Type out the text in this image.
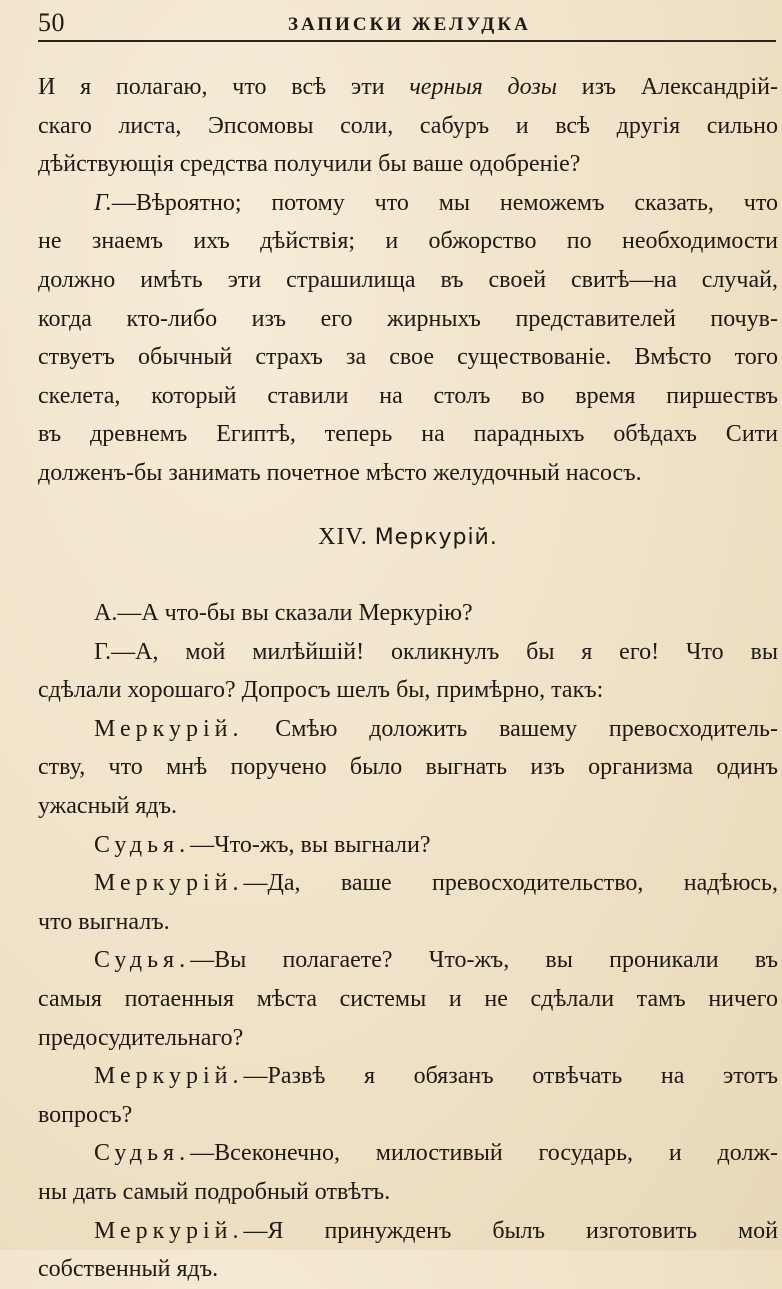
50	ЗАПИСКИ ЖЕЛУДКА
И я полагаю, что всѣ эти черныя дозы изъ Александрій-
скаго листа, Эпсомовы соли, сабуръ и всѣ другія сильно
дѣйствующія средства получили бы ваше одобреніе?
Г.—Вѣроятно; потому что мы неможемъ сказать, что
не знаемъ ихъ дѣйствія; и обжорство по необходимости
должно имѣть эти страшилища въ своей свитѣ—на случай,
когда кто-либо изъ его жирныхъ представителей почув-
ствуетъ обычный страхъ за свое существованіе. Вмѣсто того
скелета, который ставили на столъ во время пиршествъ
въ древнемъ Египтѣ, теперь на парадныхъ обѣдахъ Сити
долженъ-бы занимать почетное мѣсто желудочный насосъ.
XIV. Меркурій.
А.—А что-бы вы сказали Меркурію?
Г.—А, мой милѣйшій! окликнулъ бы я его! Что вы
сдѣлали хорошаго? Допросъ шелъ бы, примѣрно, такъ:
Меркурій. Смѣю доложить вашему превосходитель-
ству, что мнѣ поручено было выгнать изъ организма одинъ
ужасный ядъ.
Судья.—Что-жъ, вы выгнали?
Меркурій.—Да, ваше превосходительство, надѣюсь,
что выгналъ.
Судья.—Вы полагаете? Что-жъ, вы проникали въ
самыя потаенныя мѣста системы и не сдѣлали тамъ ничего
предосудительнаго?
Меркурій.—Развѣ я обязанъ отвѣчать на этотъ
вопросъ?
Судья.—Всеконечно, милостивый государь, и долж-
ны дать самый подробный отвѣтъ.
Меркурій.—Я принужденъ былъ изготовить мой
собственный ядъ.
